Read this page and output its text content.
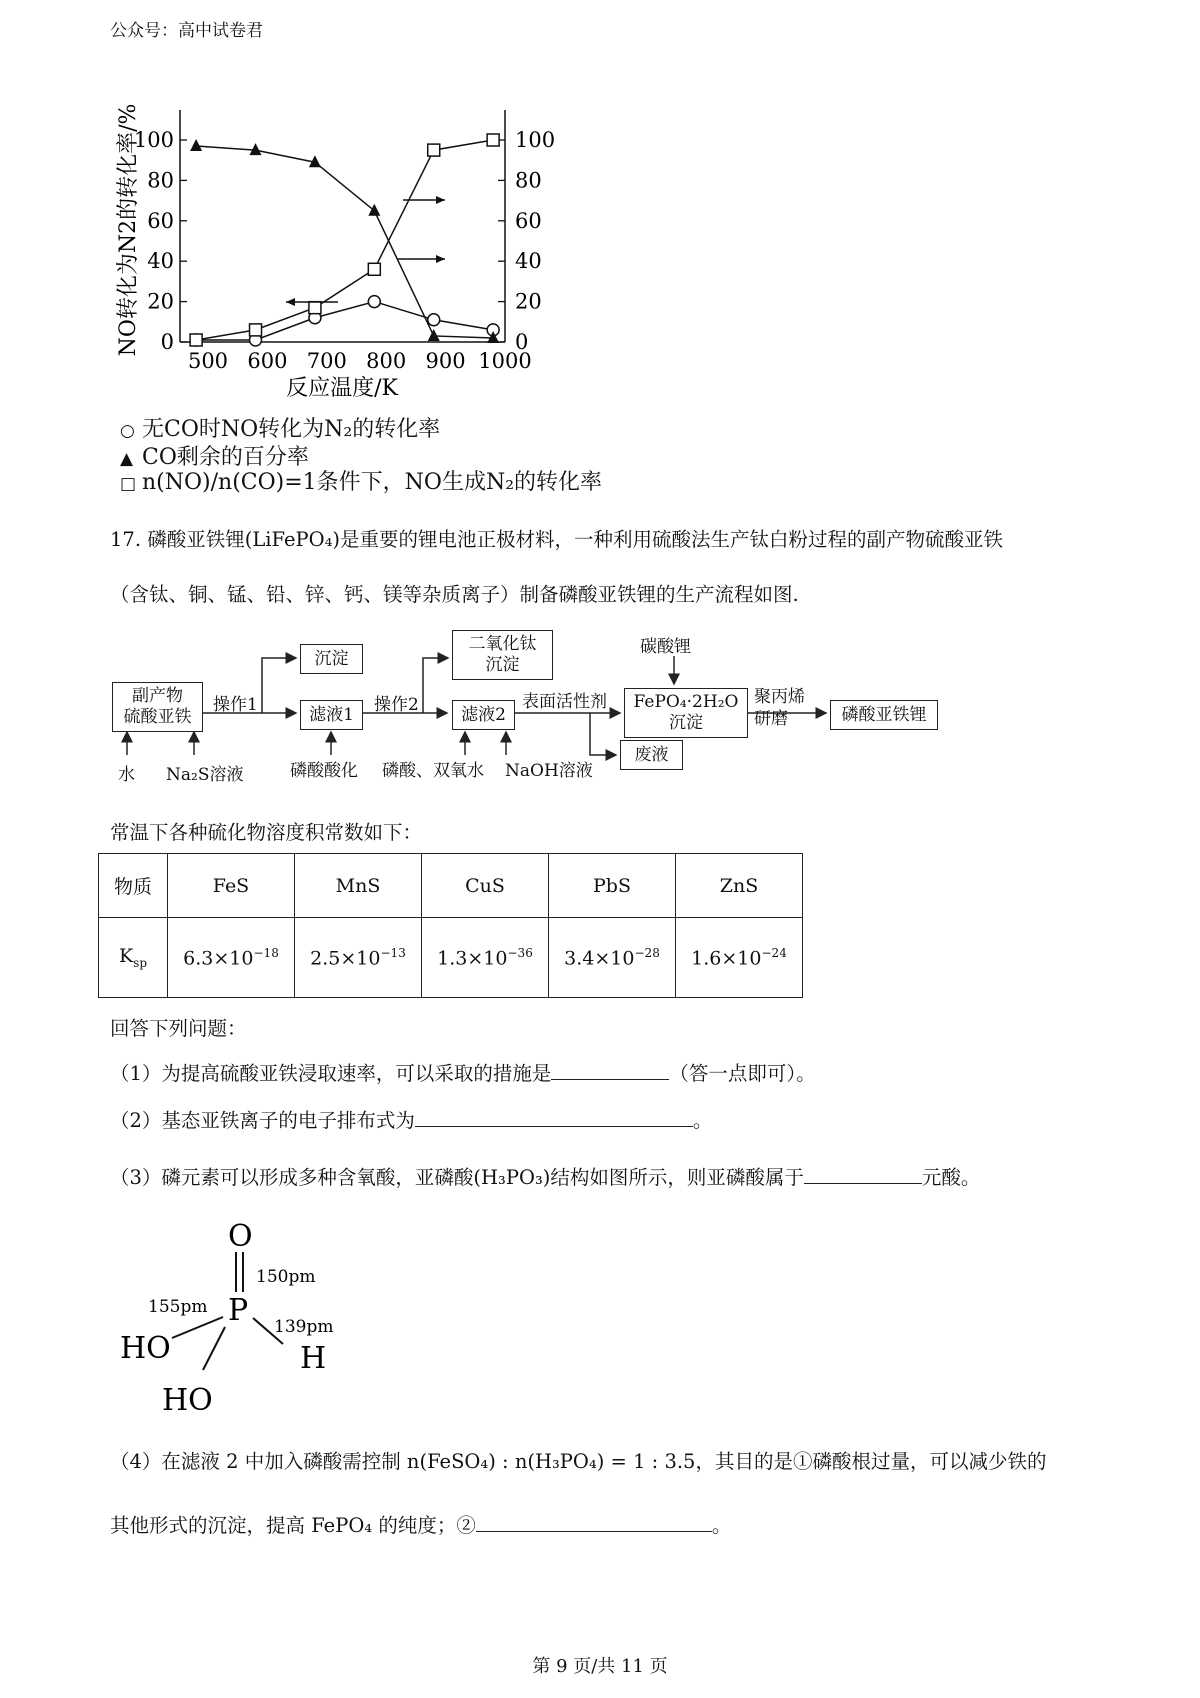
公众号：高中试卷君
0
20
40
60
80
100
0
20
40
60
80
100
500 600 700 800 900 1000
反应温度/K
NO转化为N2的转化率/%
○ 无CO时NO转化为N₂的转化率
▲ CO剩余的百分率
□ n(NO)/n(CO)=1条件下，NO生成N₂的转化率
17. 磷酸亚铁锂(LiFePO₄)是重要的锂电池正极材料，一种利用硫酸法生产钛白粉过程的副产物硫酸亚铁
（含钛、铜、锰、铅、锌、钙、镁等杂质离子）制备磷酸亚铁锂的生产流程如图.
副产物
硫酸亚铁
操作1
沉淀
滤液1	操作2
二氧化钛
沉淀
滤液2
表面活性剂
碳酸锂
FePO₄·2H₂O
沉淀
废液
聚丙烯
研磨	磷酸亚铁锂
水 Na₂S溶液	磷酸酸化 磷酸、双氧水 NaOH溶液
常温下各种硫化物溶度积常数如下：
物质	FeS	MnS	CuS	PbS	ZnS
$K_{sp}$	$6.3\times 10^{-18}$	$2.5\times 10^{-13}$	$1.3\times 10^{-36}$	$3.4\times 10^{-28}$	$1.6\times 10^{-24}$
回答下列问题：
（1）为提高硫酸亚铁浸取速率，可以采取的措施是	（答一点即可）。
（2）基态亚铁离子的电子排布式为	。
（3）磷元素可以形成多种含氧酸，亚磷酸(H₃PO₃)结构如图所示，则亚磷酸属于	元酸。
O
P
HO
HO
H
150pm
155pm
139pm
（4）在滤液 2 中加入磷酸需控制 n(FeSO₄) : n(H₃PO₄) = 1 : 3.5，其目的是①磷酸根过量，可以减少铁的
其他形式的沉淀，提高 FePO₄ 的纯度；②	。
第 9 页/共 11 页
